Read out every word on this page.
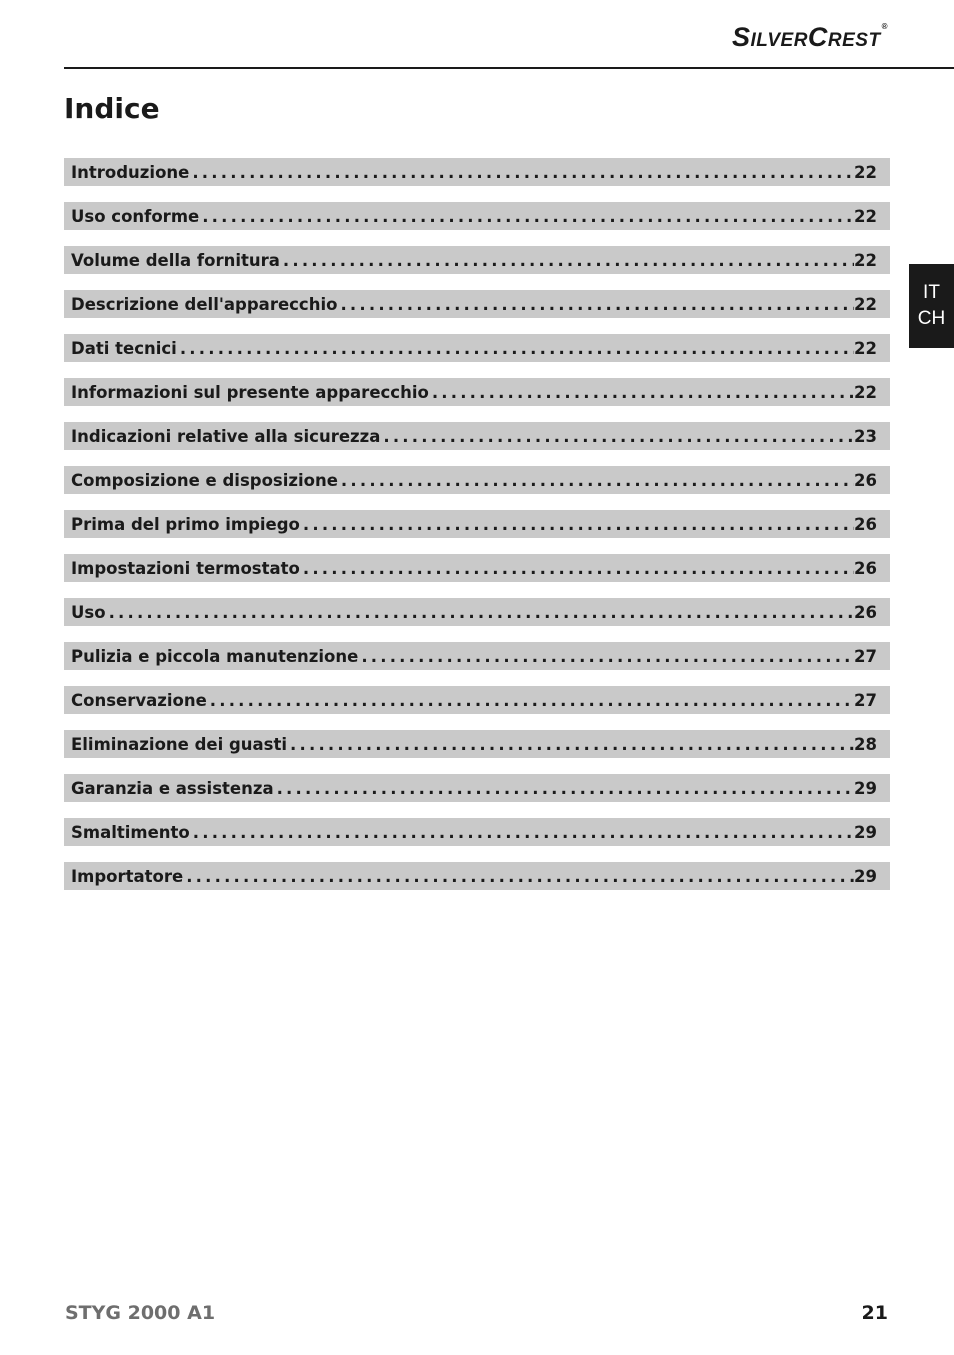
SilverCrest®
Indice
IT
CH
Introduzione .....	22
Uso conforme .....	22
Volume della fornitura .....	22
Descrizione dell'apparecchio .....	22
Dati tecnici .....	22
Informazioni sul presente apparecchio .....	22
Indicazioni relative alla sicurezza .....	23
Composizione e disposizione .....	26
Prima del primo impiego .....	26
Impostazioni termostato .....	26
Uso .....	26
Pulizia e piccola manutenzione .....	27
Conservazione .....	27
Eliminazione dei guasti .....	28
Garanzia e assistenza .....	29
Smaltimento .....	29
Importatore .....	29
STYG 2000 A1	21
